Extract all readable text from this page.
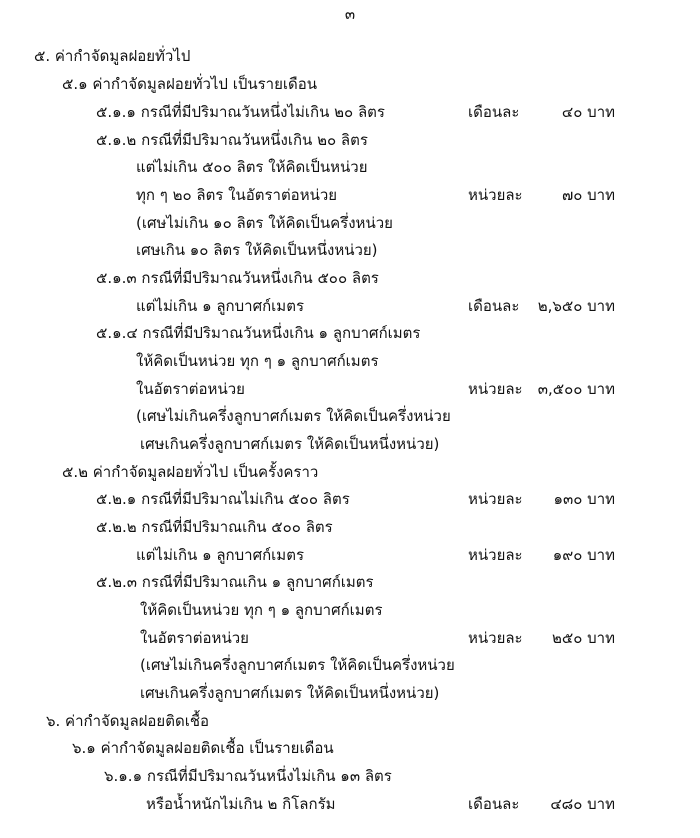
๓
๕. ค่ากำจัดมูลฝอยทั่วไป
๕.๑ ค่ากำจัดมูลฝอยทั่วไป เป็นรายเดือน
๕.๑.๑ กรณีที่มีปริมาณวันหนึ่งไม่เกิน ๒๐ ลิตร	เดือนละ	๔๐ บาท
๕.๑.๒ กรณีที่มีปริมาณวันหนึ่งเกิน ๒๐ ลิตร
แต่ไม่เกิน ๕๐๐ ลิตร ให้คิดเป็นหน่วย
ทุก ๆ ๒๐ ลิตร ในอัตราต่อหน่วย	หน่วยละ	๗๐ บาท
(เศษไม่เกิน ๑๐ ลิตร ให้คิดเป็นครึ่งหน่วย
เศษเกิน ๑๐ ลิตร ให้คิดเป็นหนึ่งหน่วย)
๕.๑.๓ กรณีที่มีปริมาณวันหนึ่งเกิน ๕๐๐ ลิตร
แต่ไม่เกิน ๑ ลูกบาศก์เมตร	เดือนละ ๒,๖๕๐ บาท
๕.๑.๔ กรณีที่มีปริมาณวันหนึ่งเกิน ๑ ลูกบาศก์เมตร
ให้คิดเป็นหน่วย ทุก ๆ ๑ ลูกบาศก์เมตร
ในอัตราต่อหน่วย	หน่วยละ ๓,๕๐๐ บาท
(เศษไม่เกินครึ่งลูกบาศก์เมตร ให้คิดเป็นครึ่งหน่วย
เศษเกินครึ่งลูกบาศก์เมตร ให้คิดเป็นหนึ่งหน่วย)
๕.๒ ค่ากำจัดมูลฝอยทั่วไป เป็นครั้งคราว
๕.๒.๑ กรณีที่มีปริมาณไม่เกิน ๕๐๐ ลิตร	หน่วยละ ๑๓๐ บาท
๕.๒.๒ กรณีที่มีปริมาณเกิน ๕๐๐ ลิตร
แต่ไม่เกิน ๑ ลูกบาศก์เมตร	หน่วยละ ๑๙๐ บาท
๕.๒.๓ กรณีที่มีปริมาณเกิน ๑ ลูกบาศก์เมตร
ให้คิดเป็นหน่วย ทุก ๆ ๑ ลูกบาศก์เมตร
ในอัตราต่อหน่วย	หน่วยละ ๒๕๐ บาท
(เศษไม่เกินครึ่งลูกบาศก์เมตร ให้คิดเป็นครึ่งหน่วย
เศษเกินครึ่งลูกบาศก์เมตร ให้คิดเป็นหนึ่งหน่วย)
๖. ค่ากำจัดมูลฝอยติดเชื้อ
๖.๑ ค่ากำจัดมูลฝอยติดเชื้อ เป็นรายเดือน
๖.๑.๑ กรณีที่มีปริมาณวันหนึ่งไม่เกิน ๑๓ ลิตร
หรือน้ำหนักไม่เกิน ๒ กิโลกรัม	เดือนละ ๔๘๐ บาท
